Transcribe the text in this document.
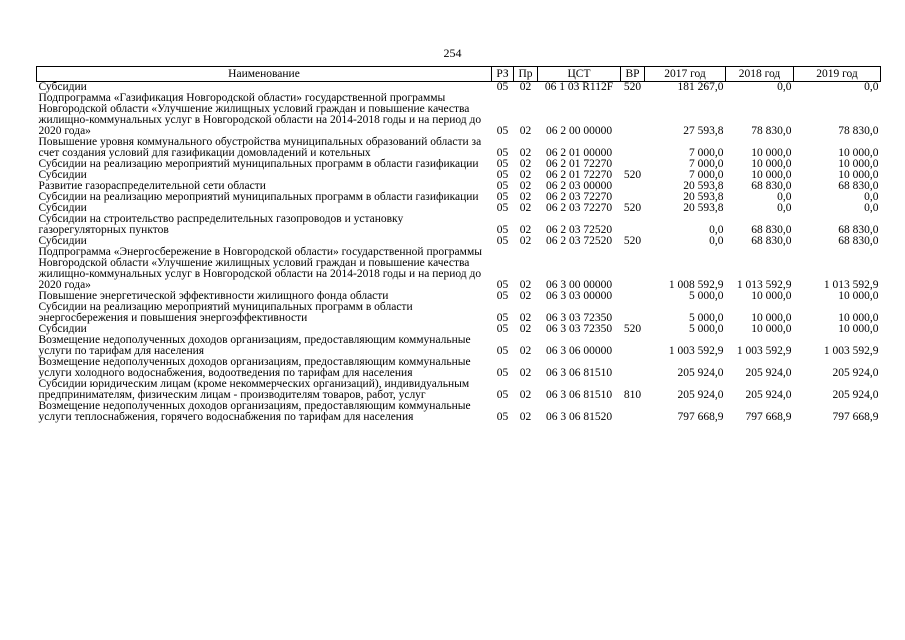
254
Наименование	РЗ	Пр	ЦСТ	ВР	2017 год	2018 год	2019 год
Субсидии	05	02	06 1 03 R112F	520	181 267,0	0,0	0,0
Подпрограмма «Газификация Новгородской области» государственной программы Новгородской области «Улучшение жилищных условий граждан и повышение качества жилищно-коммунальных услуг в Новгородской области на 2014-2018 годы и на период до 2020 года»	05	02	06 2 00 00000		27 593,8	78 830,0	78 830,0
Повышение уровня коммунального обустройства муниципальных образований области за счет создания условий для газификации домовладений и котельных	05	02	06 2 01 00000		7 000,0	10 000,0	10 000,0
Субсидии на реализацию мероприятий муниципальных программ в области газификации	05	02	06 2 01 72270		7 000,0	10 000,0	10 000,0
Субсидии	05	02	06 2 01 72270	520	7 000,0	10 000,0	10 000,0
Развитие газораспределительной сети области	05	02	06 2 03 00000		20 593,8	68 830,0	68 830,0
Субсидии на реализацию мероприятий муниципальных программ в области газификации	05	02	06 2 03 72270		20 593,8	0,0	0,0
Субсидии	05	02	06 2 03 72270	520	20 593,8	0,0	0,0
Субсидии на строительство распределительных газопроводов и установку газорегуляторных пунктов	05	02	06 2 03 72520		0,0	68 830,0	68 830,0
Субсидии	05	02	06 2 03 72520	520	0,0	68 830,0	68 830,0
Подпрограмма «Энергосбережение в Новгородской области» государственной программы Новгородской области «Улучшение жилищных условий граждан и повышение качества жилищно-коммунальных услуг в Новгородской области на 2014-2018 годы и на период до 2020 года»	05	02	06 3 00 00000		1 008 592,9	1 013 592,9	1 013 592,9
Повышение энергетической эффективности жилищного фонда области	05	02	06 3 03 00000		5 000,0	10 000,0	10 000,0
Субсидии на реализацию мероприятий муниципальных программ в области энергосбережения и повышения энергоэффективности	05	02	06 3 03 72350		5 000,0	10 000,0	10 000,0
Субсидии	05	02	06 3 03 72350	520	5 000,0	10 000,0	10 000,0
Возмещение недополученных доходов организациям, предоставляющим коммунальные услуги по тарифам для населения	05	02	06 3 06 00000		1 003 592,9	1 003 592,9	1 003 592,9
Возмещение недополученных доходов организациям, предоставляющим коммунальные услуги холодного водоснабжения, водоотведения по тарифам для населения	05	02	06 3 06 81510		205 924,0	205 924,0	205 924,0
Субсидии юридическим лицам (кроме некоммерческих организаций), индивидуальным предпринимателям, физическим лицам - производителям товаров, работ, услуг	05	02	06 3 06 81510	810	205 924,0	205 924,0	205 924,0
Возмещение недополученных доходов организациям, предоставляющим коммунальные услуги теплоснабжения, горячего водоснабжения по тарифам для населения	05	02	06 3 06 81520		797 668,9	797 668,9	797 668,9
